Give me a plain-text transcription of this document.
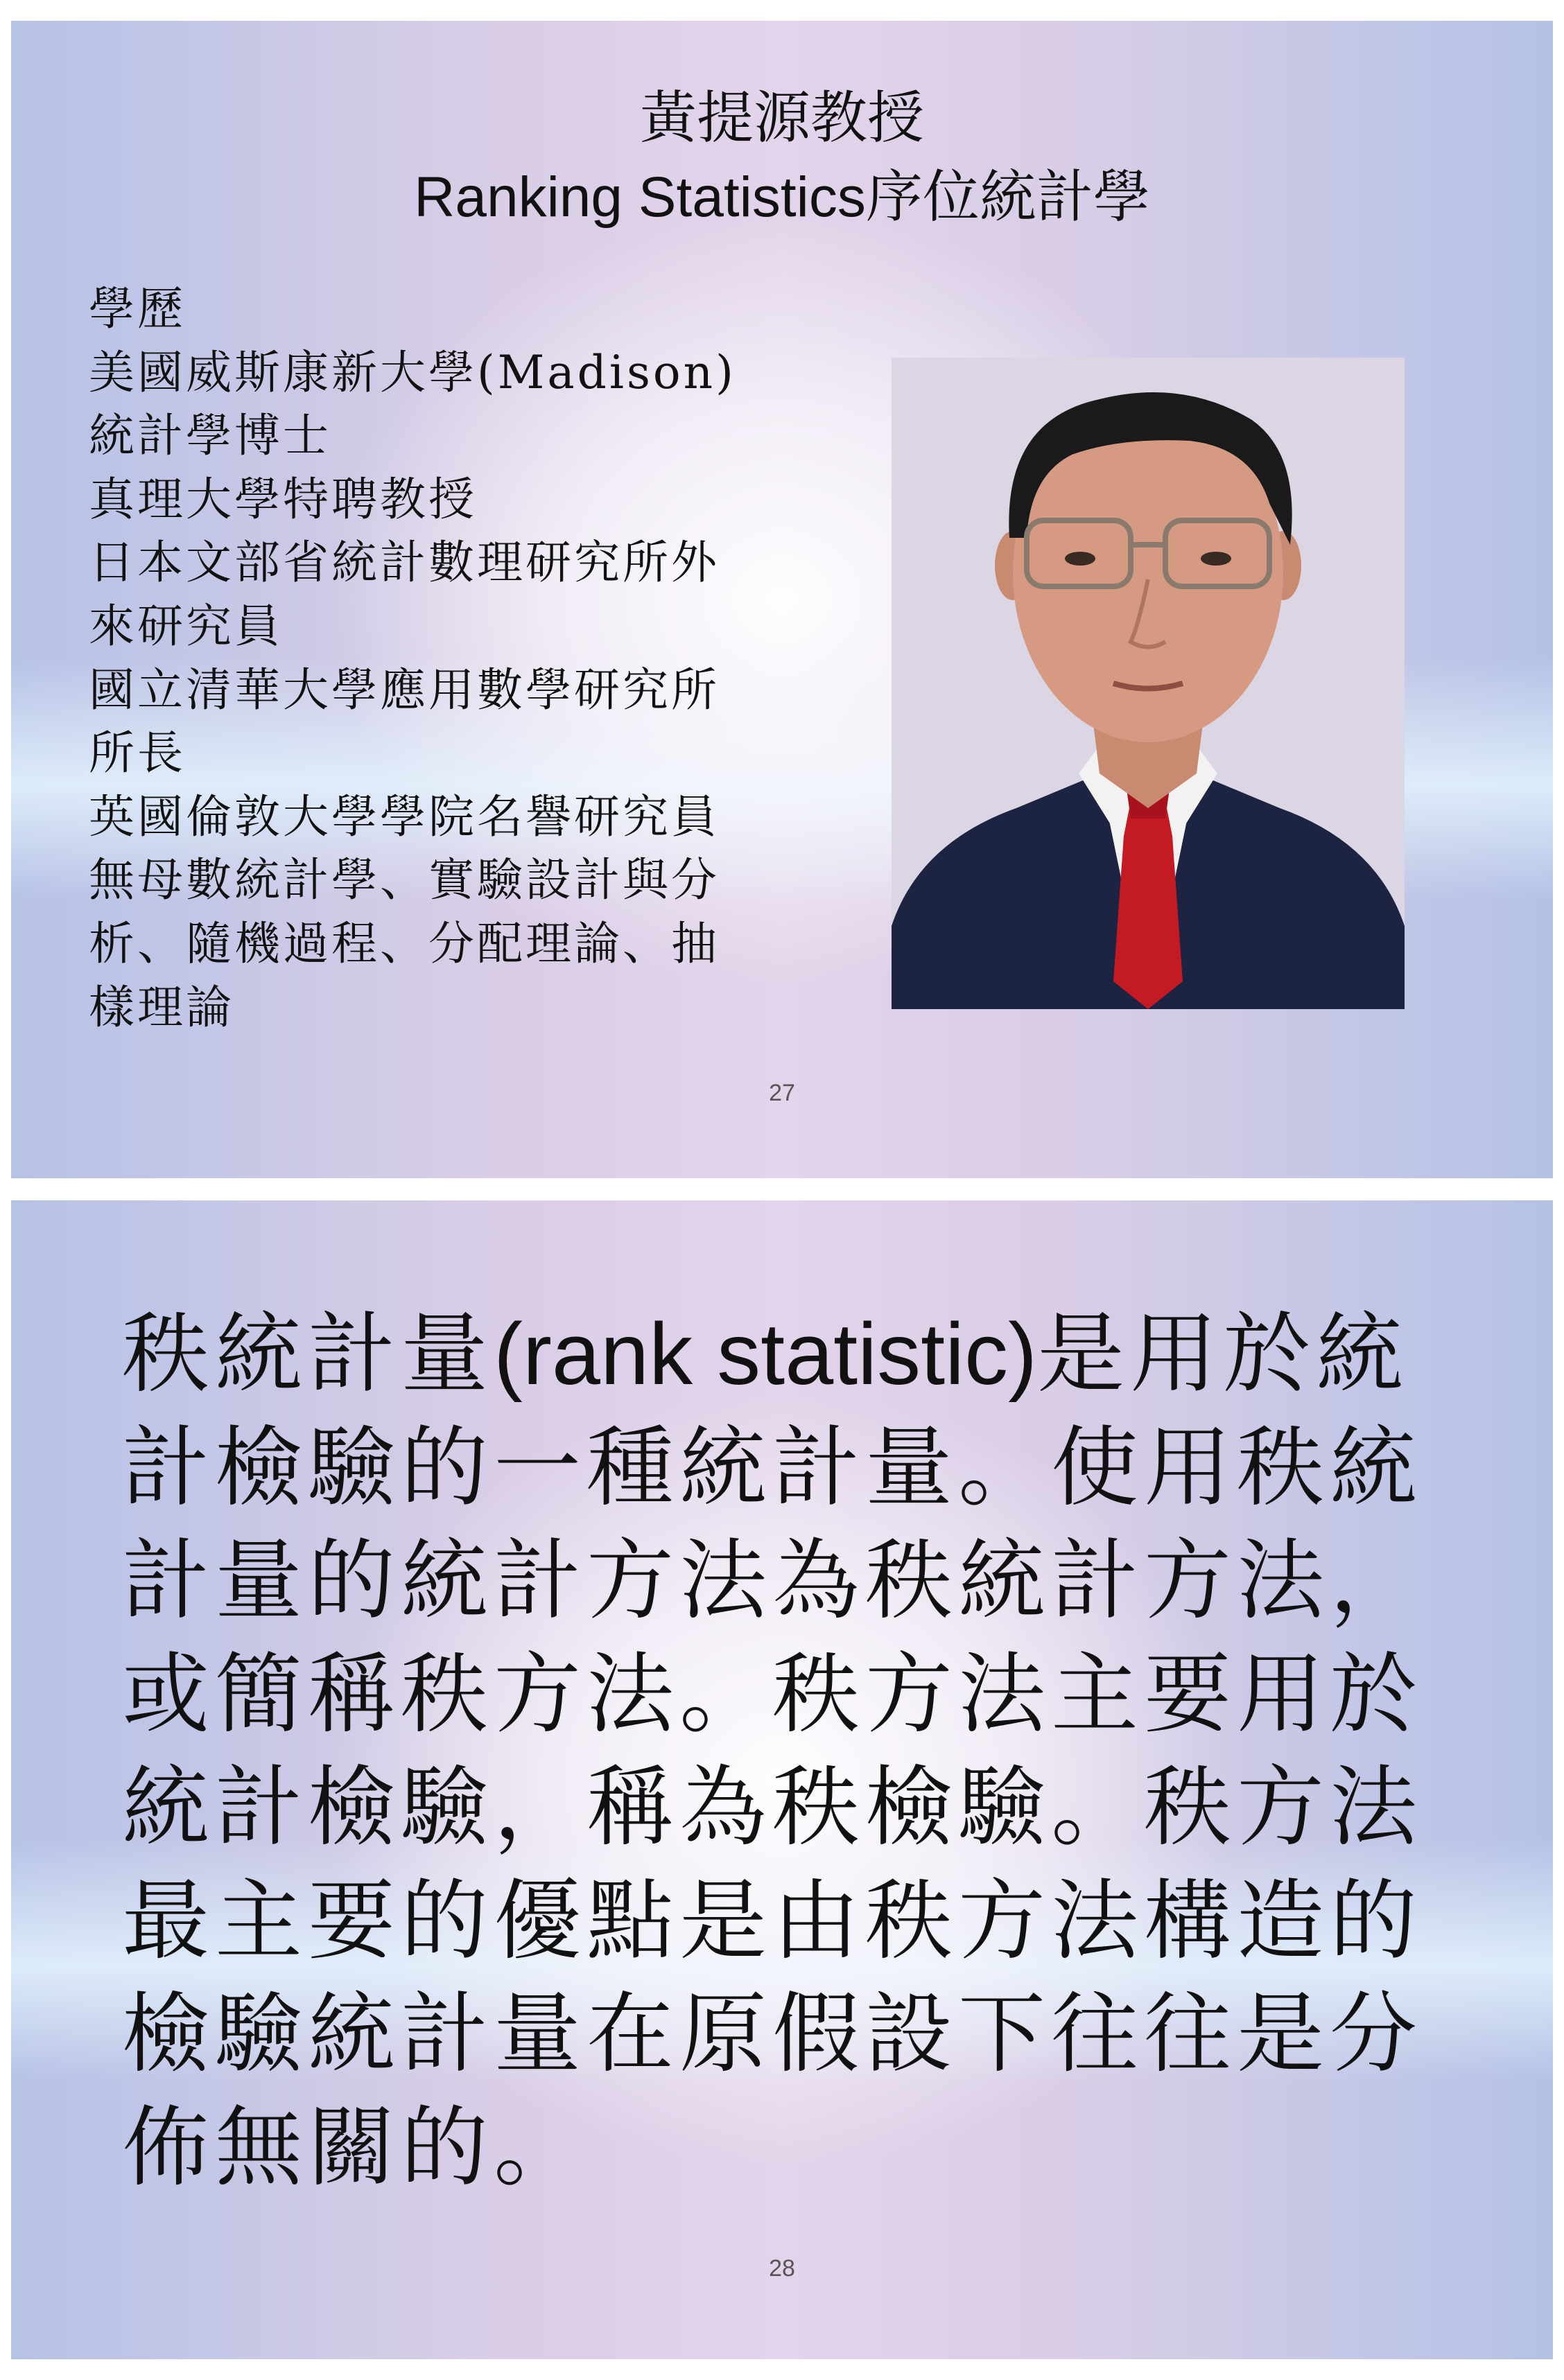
黃提源教授
Ranking Statistics序位統計學
學歷
美國威斯康新大學(Madison)
統計學博士
真理大學特聘教授
日本文部省統計數理研究所外
來研究員
國立清華大學應用數學研究所
所長
英國倫敦大學學院名譽研究員
無母數統計學、實驗設計與分
析、隨機過程、分配理論、抽
樣理論
27
秩統計量(rank statistic)是用於統
計檢驗的一種統計量。使用秩統
計量的統計方法為秩統計方法，
或簡稱秩方法。秩方法主要用於
統計檢驗，稱為秩檢驗。秩方法
最主要的優點是由秩方法構造的
檢驗統計量在原假設下往往是分
佈無關的。
28
